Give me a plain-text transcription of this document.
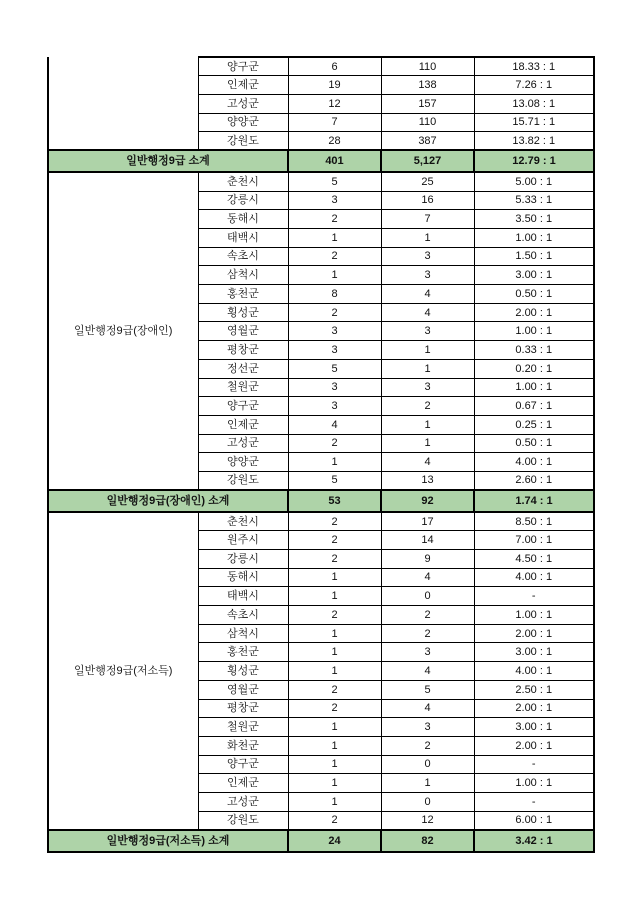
	양구군	6	110	18.33 : 1
	인제군	19	138	7.26 : 1
	고성군	12	157	13.08 : 1
	양양군	7	110	15.71 : 1
	강원도	28	387	13.82 : 1
일반행정9급 소계		401	5,127	12.79 : 1
일반행정9급(장애인)	춘천시	5	25	5.00 : 1
	강릉시	3	16	5.33 : 1
	동해시	2	7	3.50 : 1
	태백시	1	1	1.00 : 1
	속초시	2	3	1.50 : 1
	삼척시	1	3	3.00 : 1
	홍천군	8	4	0.50 : 1
	횡성군	2	4	2.00 : 1
	영월군	3	3	1.00 : 1
	평창군	3	1	0.33 : 1
	정선군	5	1	0.20 : 1
	철원군	3	3	1.00 : 1
	양구군	3	2	0.67 : 1
	인제군	4	1	0.25 : 1
	고성군	2	1	0.50 : 1
	양양군	1	4	4.00 : 1
	강원도	5	13	2.60 : 1
일반행정9급(장애인) 소계		53	92	1.74 : 1
일반행정9급(저소득)	춘천시	2	17	8.50 : 1
	원주시	2	14	7.00 : 1
	강릉시	2	9	4.50 : 1
	동해시	1	4	4.00 : 1
	태백시	1	0	-
	속초시	2	2	1.00 : 1
	삼척시	1	2	2.00 : 1
	홍천군	1	3	3.00 : 1
	횡성군	1	4	4.00 : 1
	영월군	2	5	2.50 : 1
	평창군	2	4	2.00 : 1
	철원군	1	3	3.00 : 1
	화천군	1	2	2.00 : 1
	양구군	1	0	-
	인제군	1	1	1.00 : 1
	고성군	1	0	-
	강원도	2	12	6.00 : 1
일반행정9급(저소득) 소계		24	82	3.42 : 1
